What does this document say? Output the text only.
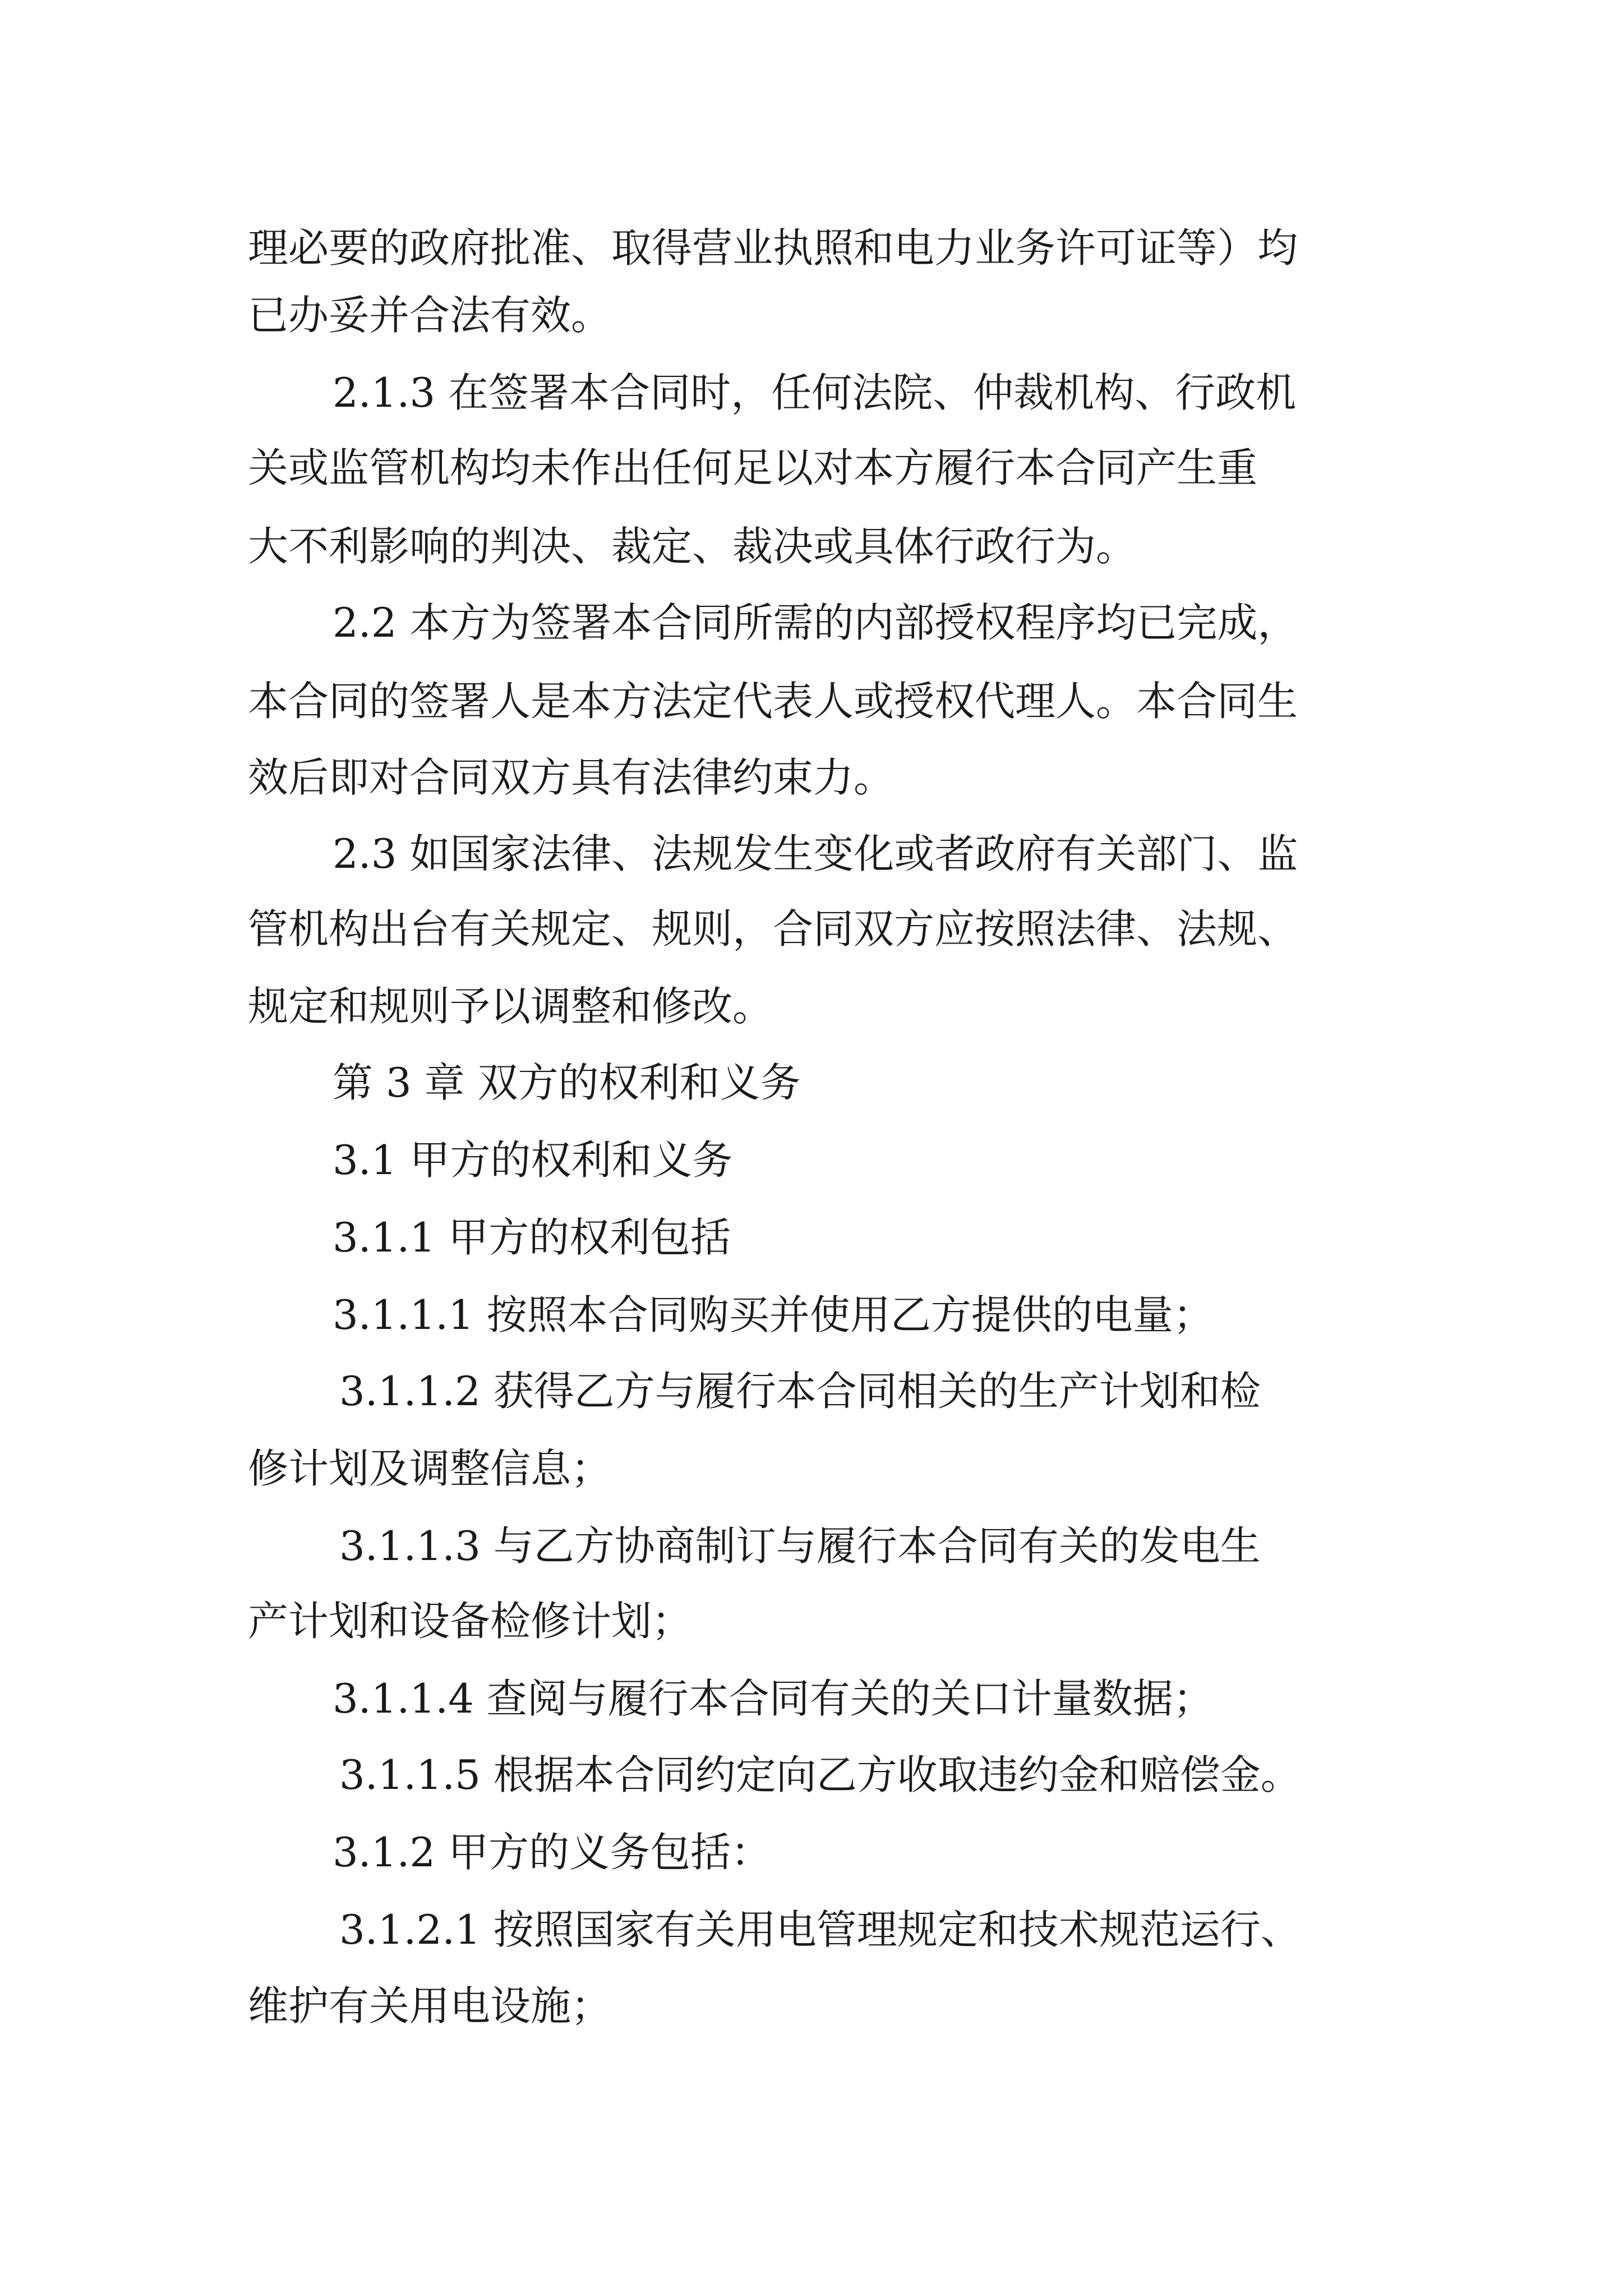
理必要的政府批准、取得营业执照和电力业务许可证等）均

已办妥并合法有效。

2.1.3 在签署本合同时，任何法院、仲裁机构、行政机

关或监管机构均未作出任何足以对本方履行本合同产生重

大不利影响的判决、裁定、裁决或具体行政行为。

2.2 本方为签署本合同所需的内部授权程序均已完成，

本合同的签署人是本方法定代表人或授权代理人。本合同生

效后即对合同双方具有法律约束力。

2.3 如国家法律、法规发生变化或者政府有关部门、监

管机构出台有关规定、规则，合同双方应按照法律、法规、

规定和规则予以调整和修改。

第 3 章 双方的权利和义务

3.1 甲方的权利和义务

3.1.1 甲方的权利包括

3.1.1.1 按照本合同购买并使用乙方提供的电量；

3.1.1.2 获得乙方与履行本合同相关的生产计划和检

修计划及调整信息；

3.1.1.3 与乙方协商制订与履行本合同有关的发电生

产计划和设备检修计划；

3.1.1.4 查阅与履行本合同有关的关口计量数据；

3.1.1.5 根据本合同约定向乙方收取违约金和赔偿金。

3.1.2 甲方的义务包括：

3.1.2.1 按照国家有关用电管理规定和技术规范运行、

维护有关用电设施；
